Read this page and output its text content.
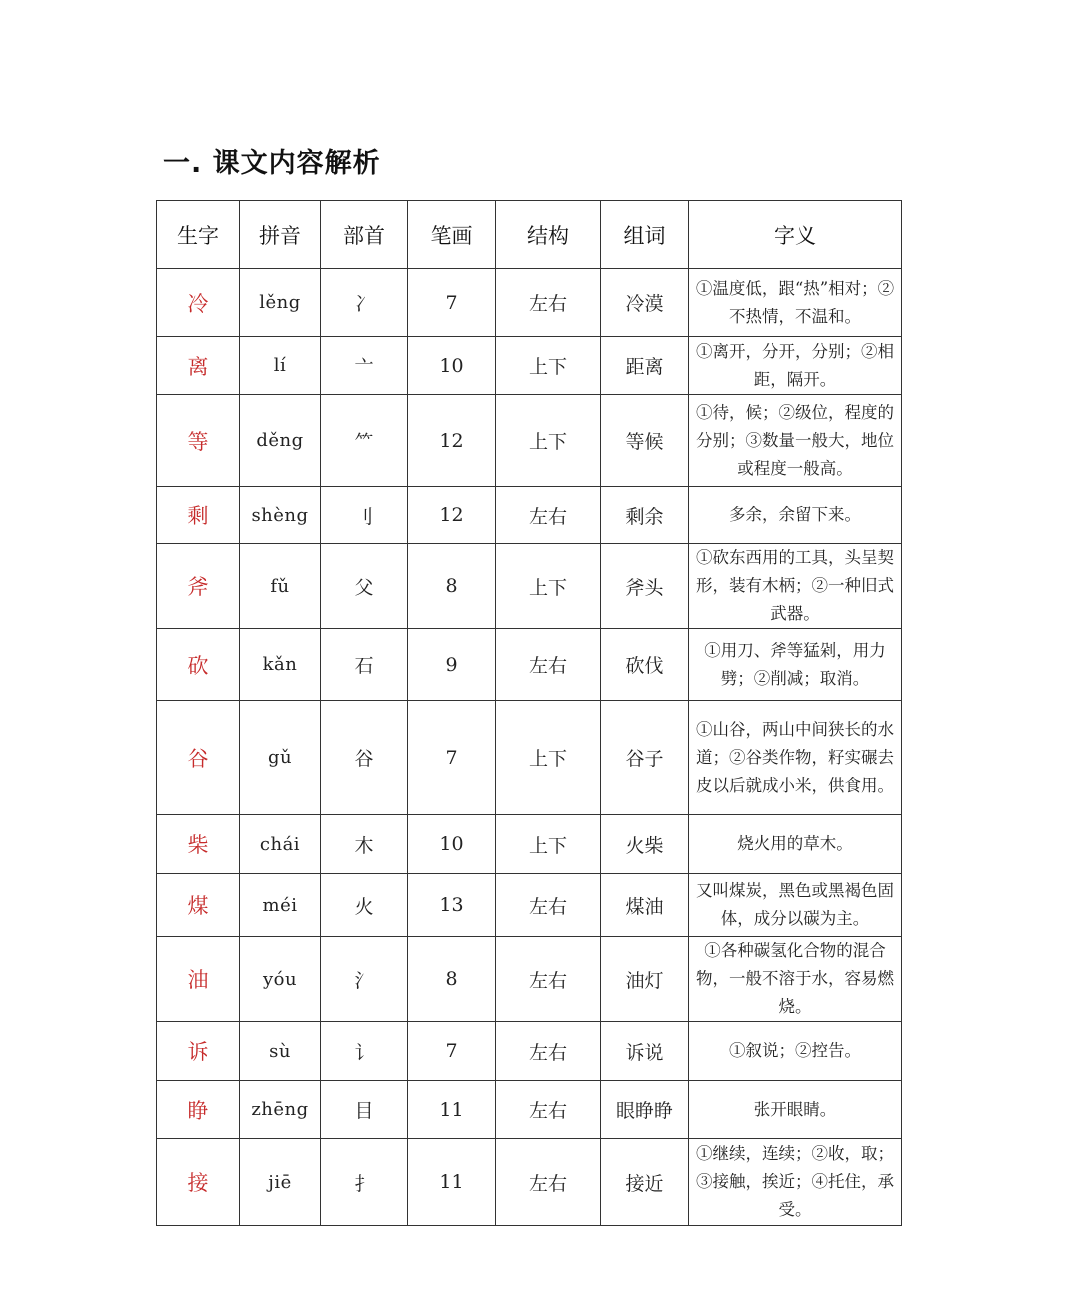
一. 课文内容解析
生字	拼音	部首	笔画	结构	组词	字义
冷	lěng	冫	7	左右	冷漠	①温度低，跟“热”相对；②不热情，不温和。
离	lí	亠	10	上下	距离	①离开，分开，分别；②相距，隔开。
等	děng	⺮	12	上下	等候	①待，候；②级位，程度的分别；③数量一般大，地位或程度一般高。
剩	shèng	刂	12	左右	剩余	多余，余留下来。
斧	fǔ	父	8	上下	斧头	①砍东西用的工具，头呈契形，装有木柄；②一种旧式武器。
砍	kǎn	石	9	左右	砍伐	①用刀、斧等猛剁，用力劈；②削减；取消。
谷	gǔ	谷	7	上下	谷子	①山谷，两山中间狭长的水道；②谷类作物，籽实碾去皮以后就成小米，供食用。
柴	chái	木	10	上下	火柴	烧火用的草木。
煤	méi	火	13	左右	煤油	又叫煤炭，黑色或黑褐色固体，成分以碳为主。
油	yóu	氵	8	左右	油灯	①各种碳氢化合物的混合物，一般不溶于水，容易燃烧。
诉	sù	讠	7	左右	诉说	①叙说；②控告。
睁	zhēng	目	11	左右	眼睁睁	张开眼睛。
接	jiē	扌	11	左右	接近	①继续，连续；②收，取；③接触，挨近；④托住，承受。
